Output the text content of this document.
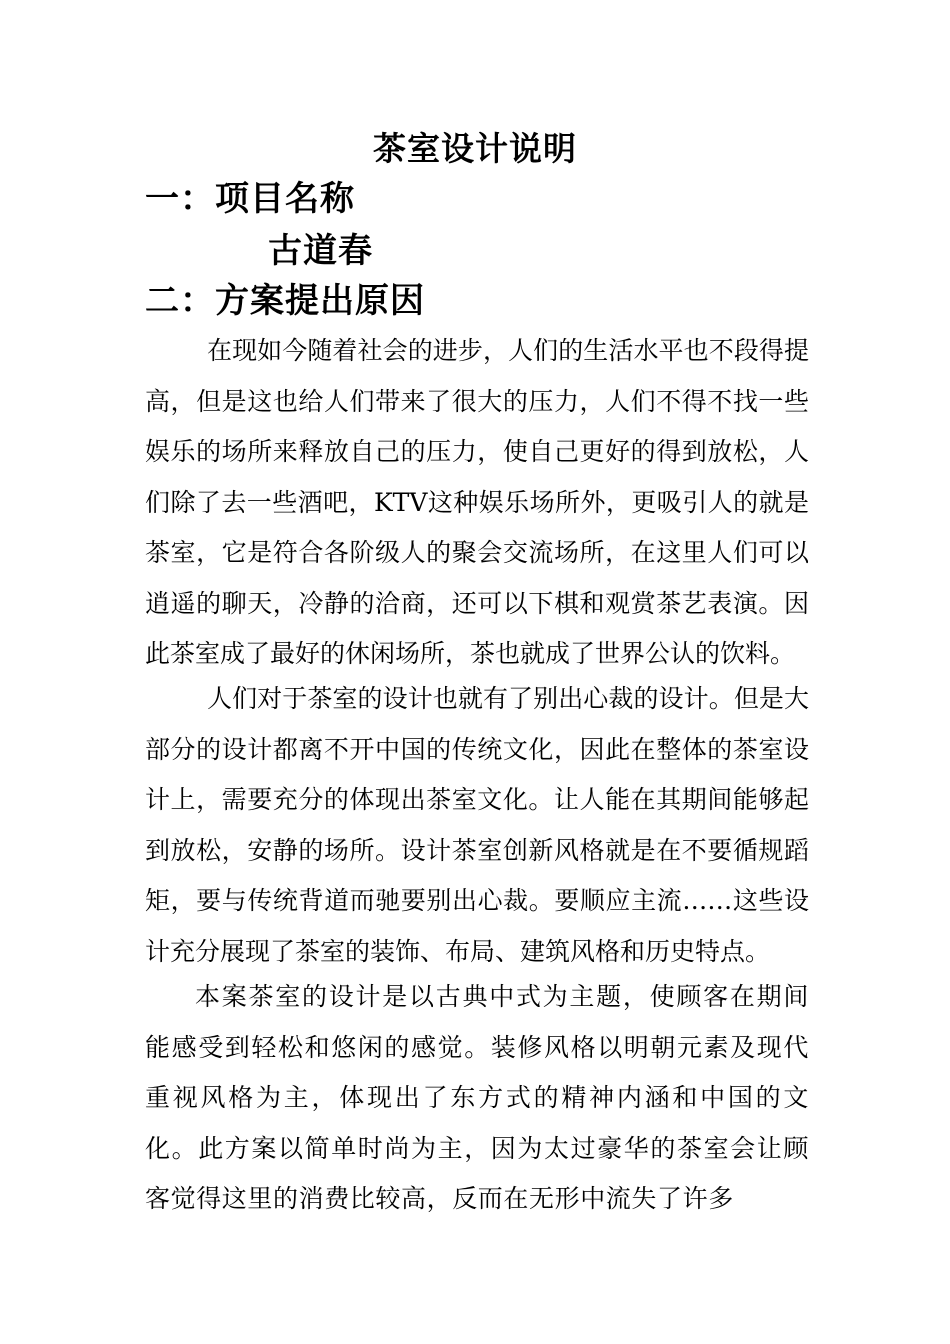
茶室设计说明
一：项目名称
古道春
二：方案提出原因

在现如今随着社会的进步，人们的生活水平也不段得提高，但是这也给人们带来了很大的压力，人们不得不找一些娱乐的场所来释放自己的压力，使自己更好的得到放松，人们除了去一些酒吧，KTV这种娱乐场所外，更吸引人的就是茶室，它是符合各阶级人的聚会交流场所，在这里人们可以逍遥的聊天，冷静的洽商，还可以下棋和观赏茶艺表演。因此茶室成了最好的休闲场所，茶也就成了世界公认的饮料。

人们对于茶室的设计也就有了别出心裁的设计。但是大部分的设计都离不开中国的传统文化，因此在整体的茶室设计上，需要充分的体现出茶室文化。让人能在其期间能够起到放松，安静的场所。设计茶室创新风格就是在不要循规蹈矩，要与传统背道而驰要别出心裁。要顺应主流……这些设计充分展现了茶室的装饰、布局、建筑风格和历史特点。

本案茶室的设计是以古典中式为主题，使顾客在期间能感受到轻松和悠闲的感觉。装修风格以明朝元素及现代重视风格为主，体现出了东方式的精神内涵和中国的文化。此方案以简单时尚为主，因为太过豪华的茶室会让顾客觉得这里的消费比较高，反而在无形中流失了许多
